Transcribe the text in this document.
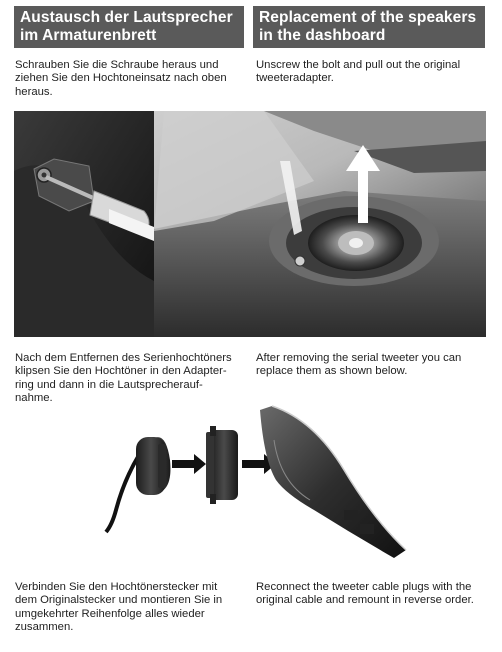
Austausch der Lautsprecher
im Armaturenbrett
Replacement of the speakers
in the dashboard
Schrauben Sie die Schraube heraus und
ziehen Sie den Hochtoneinsatz nach oben
heraus.
Unscrew the bolt and pull out the original
tweeteradapter.
Nach dem Entfernen des Serienhochtöners
klipsen Sie den Hochtöner in den Adapter-
ring und dann in die Lautsprecherauf-
nahme.
After removing the serial tweeter you can
replace them as shown below.
Verbinden Sie den Hochtönerstecker mit
dem Originalstecker und montieren Sie in
umgekehrter Reihenfolge alles wieder
zusammen.
Reconnect the tweeter cable plugs with the
original cable and remount in reverse order.
